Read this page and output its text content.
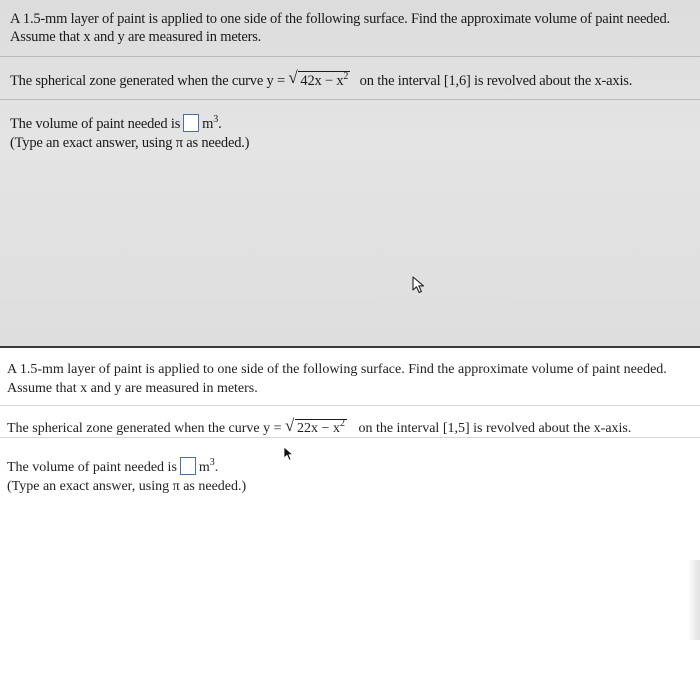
A 1.5-mm layer of paint is applied to one side of the following surface. Find the approximate volume of paint needed.
Assume that x and y are measured in meters.
The spherical zone generated when the curve y = √ $42x - x^2$ on the interval [1,6] is revolved about the x-axis.
The volume of paint needed is $m^3$.
(Type an exact answer, using π as needed.)
A 1.5-mm layer of paint is applied to one side of the following surface. Find the approximate volume of paint needed.
Assume that x and y are measured in meters.
The spherical zone generated when the curve y = √ $22x - x^2$ on the interval [1,5] is revolved about the x-axis.
The volume of paint needed is $m^3$.
(Type an exact answer, using π as needed.)
